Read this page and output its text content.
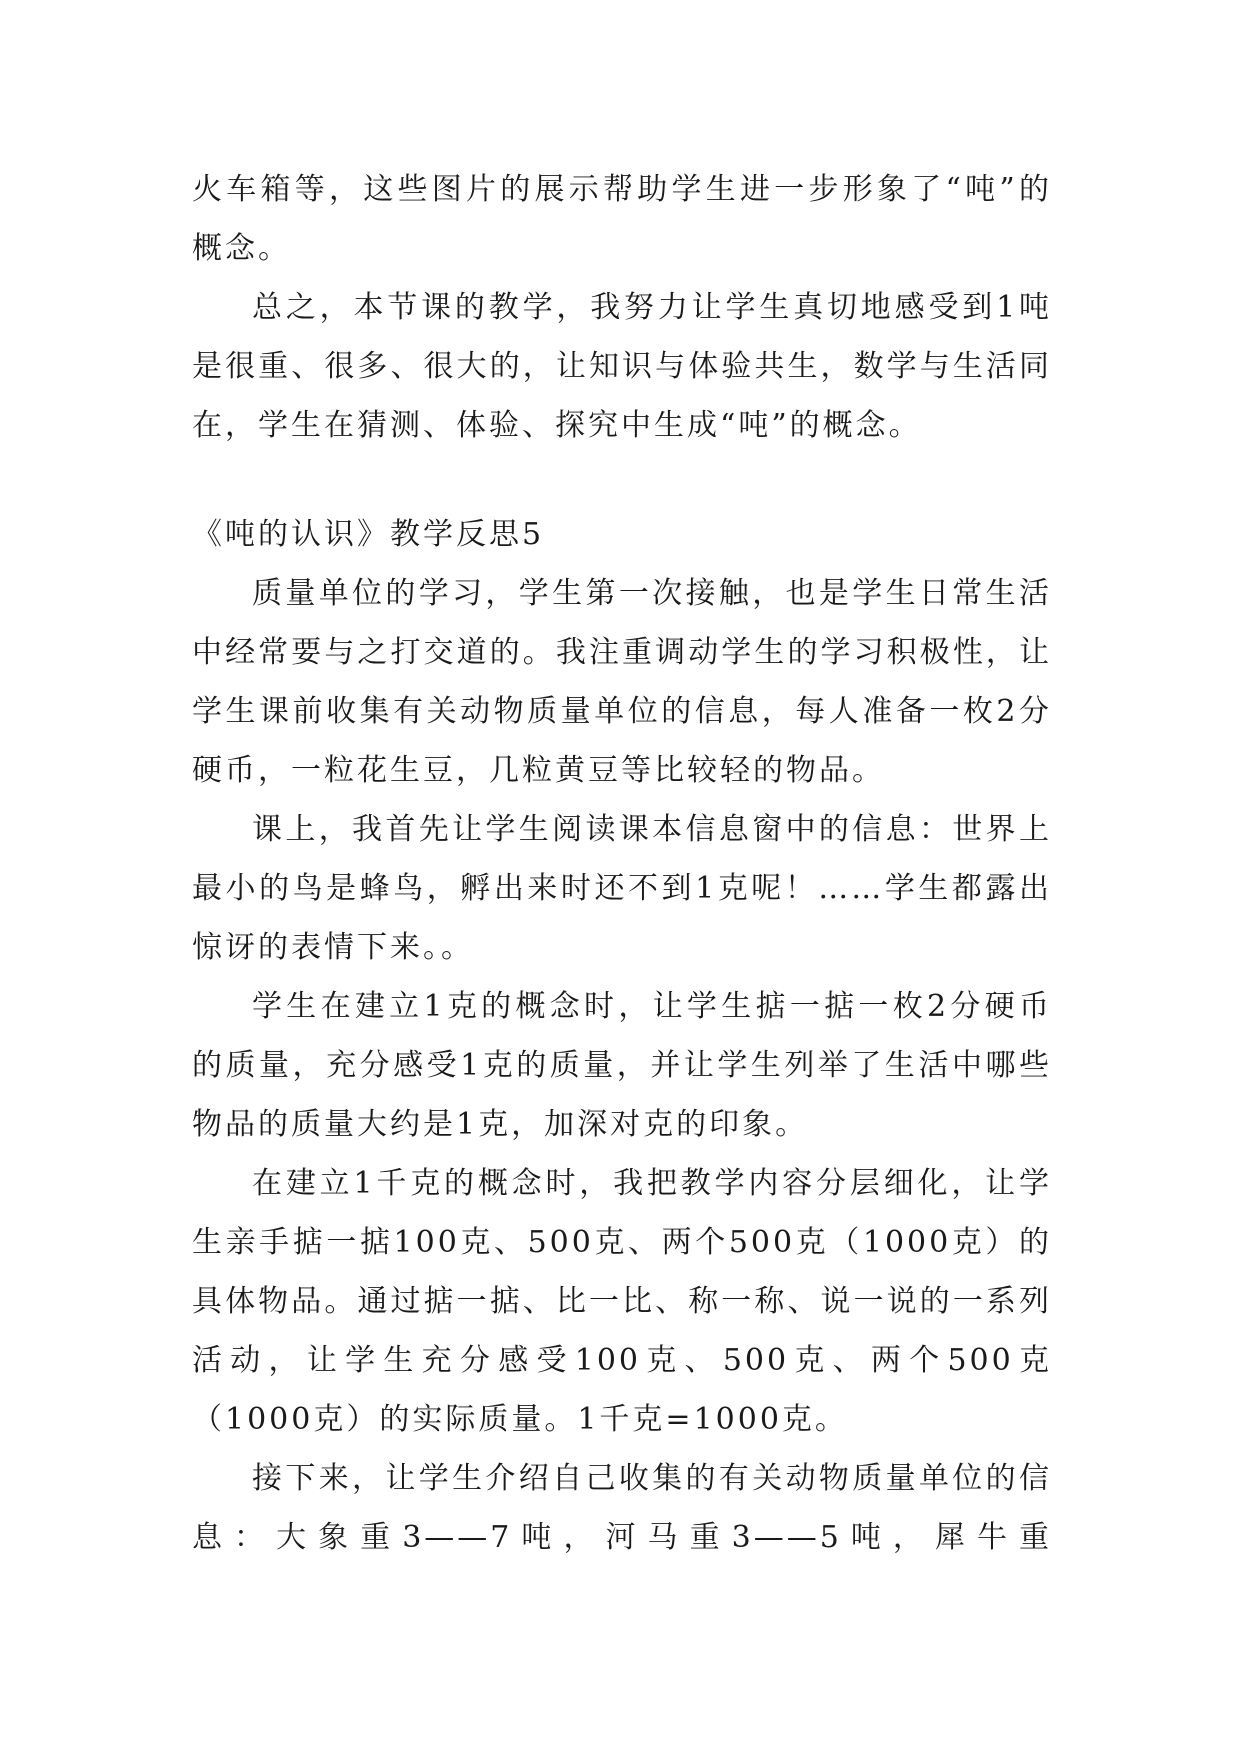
火车箱等，这些图片的展示帮助学生进一步形象了“吨”的概念。

总之，本节课的教学，我努力让学生真切地感受到1吨是很重、很多、很大的，让知识与体验共生，数学与生活同在，学生在猜测、体验、探究中生成“吨”的概念。

《吨的认识》教学反思5

质量单位的学习，学生第一次接触，也是学生日常生活中经常要与之打交道的。我注重调动学生的学习积极性，让学生课前收集有关动物质量单位的信息，每人准备一枚2分硬币，一粒花生豆，几粒黄豆等比较轻的物品。

课上，我首先让学生阅读课本信息窗中的信息：世界上最小的鸟是蜂鸟，孵出来时还不到1克呢！……学生都露出惊讶的表情下来。。

学生在建立1克的概念时，让学生掂一掂一枚2分硬币的质量，充分感受1克的质量，并让学生列举了生活中哪些物品的质量大约是1克，加深对克的印象。

在建立1千克的概念时，我把教学内容分层细化，让学生亲手掂一掂100克、500克、两个500克（1000克）的具体物品。通过掂一掂、比一比、称一称、说一说的一系列活动，让学生充分感受100克、500克、两个500克（1000克）的实际质量。1千克=1000克。

接下来，让学生介绍自己收集的有关动物质量单位的信息：大象重3——7吨，河马重3——5吨，犀牛重
